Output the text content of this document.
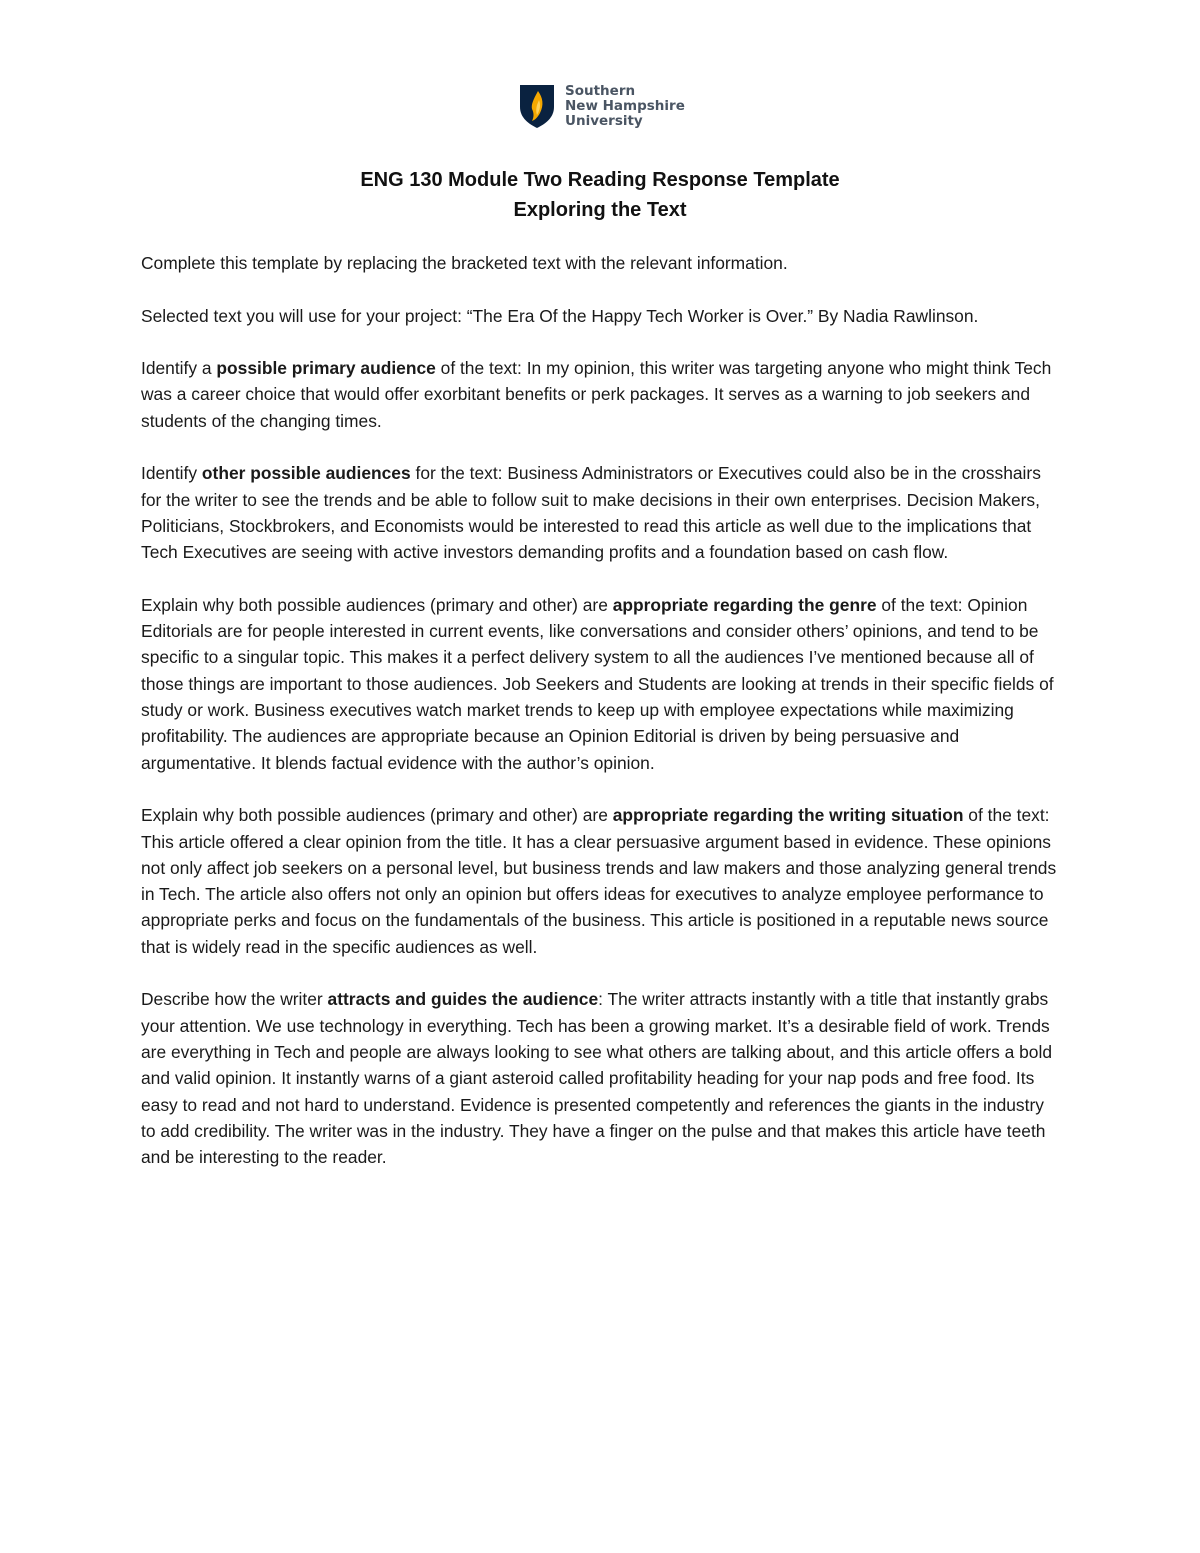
Southern
New Hampshire
University
ENG 130 Module Two Reading Response Template
Exploring the Text

Complete this template by replacing the bracketed text with the relevant information.

Selected text you will use for your project: “The Era Of the Happy Tech Worker is Over.” By Nadia Rawlinson.

Identify a possible primary audience of the text: In my opinion, this writer was targeting anyone who might think Tech was a career choice that would offer exorbitant benefits or perk packages. It serves as a warning to job seekers and students of the changing times.

Identify other possible audiences for the text: Business Administrators or Executives could also be in the crosshairs for the writer to see the trends and be able to follow suit to make decisions in their own enterprises. Decision Makers, Politicians, Stockbrokers, and Economists would be interested to read this article as well due to the implications that Tech Executives are seeing with active investors demanding profits and a foundation based on cash flow.

Explain why both possible audiences (primary and other) are appropriate regarding the genre of the text: Opinion Editorials are for people interested in current events, like conversations and consider others’ opinions, and tend to be specific to a singular topic. This makes it a perfect delivery system to all the audiences I’ve mentioned because all of those things are important to those audiences. Job Seekers and Students are looking at trends in their specific fields of study or work. Business executives watch market trends to keep up with employee expectations while maximizing profitability. The audiences are appropriate because an Opinion Editorial is driven by being persuasive and argumentative. It blends factual evidence with the author’s opinion.

Explain why both possible audiences (primary and other) are appropriate regarding the writing situation of the text: This article offered a clear opinion from the title. It has a clear persuasive argument based in evidence. These opinions not only affect job seekers on a personal level, but business trends and law makers and those analyzing general trends in Tech. The article also offers not only an opinion but offers ideas for executives to analyze employee performance to appropriate perks and focus on the fundamentals of the business. This article is positioned in a reputable news source that is widely read in the specific audiences as well.

Describe how the writer attracts and guides the audience: The writer attracts instantly with a title that instantly grabs your attention. We use technology in everything. Tech has been a growing market. It’s a desirable field of work. Trends are everything in Tech and people are always looking to see what others are talking about, and this article offers a bold and valid opinion. It instantly warns of a giant asteroid called profitability heading for your nap pods and free food. Its easy to read and not hard to understand. Evidence is presented competently and references the giants in the industry to add credibility. The writer was in the industry. They have a finger on the pulse and that makes this article have teeth and be interesting to the reader.
